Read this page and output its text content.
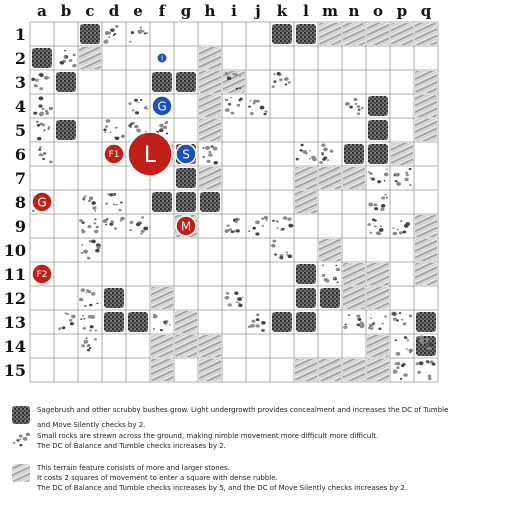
a b c d e f g h i j k l m n o p q
1
2
3
4
5
6
7
8
9
10
11
12
13
14
15
I
G
F1 L S
G
M
F2
Sagebrush and other scrubby bushes grow. Light undergrowth provides concealment and increases the DC of Tumble
and Move Silently checks by 2.
Small rocks are strewn across the ground, making nimble movement more difficult more difficult.
The DC of Balance and Tumble checks increases by 2.
This terrain feature consists of more and larger stones.
It costs 2 squares of movement to enter a square with dense rubble.
The DC of Balance and Tumble checks increases by 5, and the DC of Move Silently checks increases by 2.
